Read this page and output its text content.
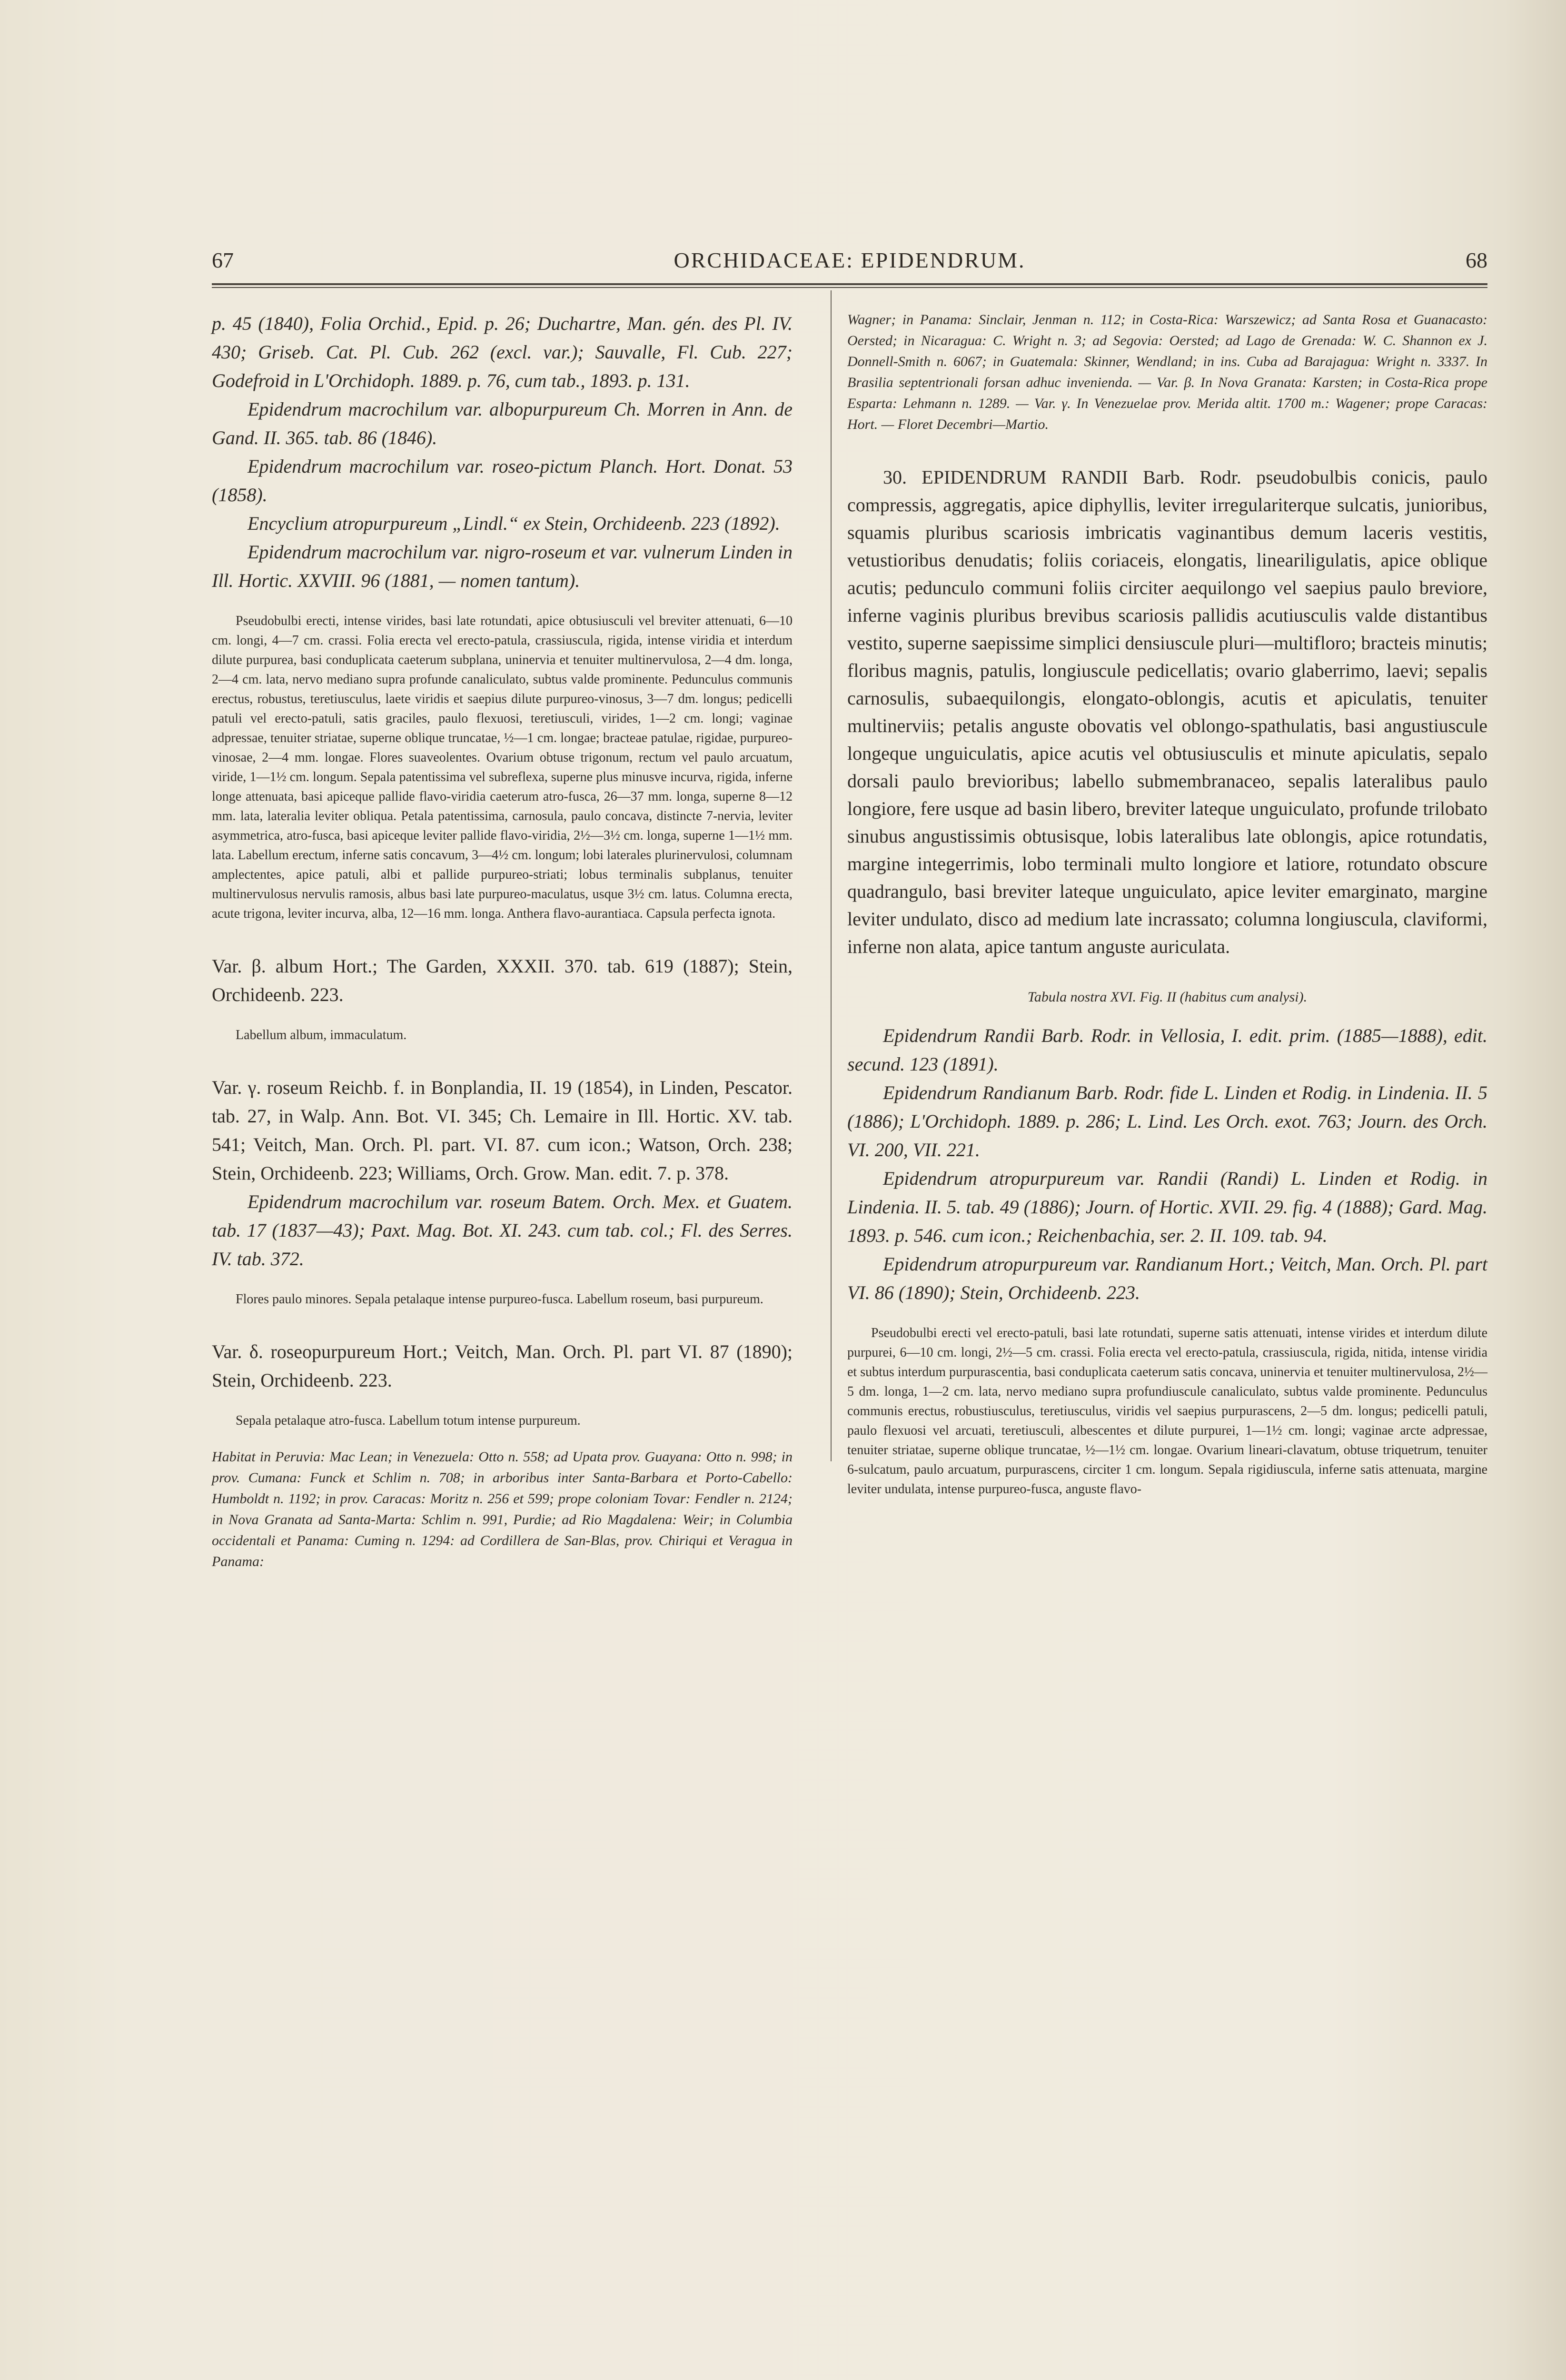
67	ORCHIDACEAE: EPIDENDRUM.	68

p. 45 (1840), Folia Orchid., Epid. p. 26; Duchartre, Man. gén. des Pl. IV. 430; Griseb. Cat. Pl. Cub. 262 (excl. var.); Sauvalle, Fl. Cub. 227; Godefroid in L'Orchidoph. 1889. p. 76, cum tab., 1893. p. 131.

Epidendrum macrochilum var. albopurpureum Ch. Morren in Ann. de Gand. II. 365. tab. 86 (1846).

Epidendrum macrochilum var. roseo-pictum Planch. Hort. Donat. 53 (1858).

Encyclium atropurpureum „Lindl.“ ex Stein, Orchideenb. 223 (1892).

Epidendrum macrochilum var. nigro-roseum et var. vulnerum Linden in Ill. Hortic. XXVIII. 96 (1881, — nomen tantum).

Pseudobulbi erecti, intense virides, basi late rotundati, apice obtusiusculi vel breviter attenuati, 6—10 cm. longi, 4—7 cm. crassi. Folia erecta vel erecto-patula, crassiuscula, rigida, intense viridia et interdum dilute purpurea, basi conduplicata caeterum subplana, uninervia et tenuiter multinervulosa, 2—4 dm. longa, 2—4 cm. lata, nervo mediano supra profunde canaliculato, subtus valde prominente. Pedunculus communis erectus, robustus, teretiusculus, laete viridis et saepius dilute purpureo-vinosus, 3—7 dm. longus; pedicelli patuli vel erecto-patuli, satis graciles, paulo flexuosi, teretiusculi, virides, 1—2 cm. longi; vaginae adpressae, tenuiter striatae, superne oblique truncatae, ½—1 cm. longae; bracteae patulae, rigidae, purpureo-vinosae, 2—4 mm. longae. Flores suaveolentes. Ovarium obtuse trigonum, rectum vel paulo arcuatum, viride, 1—1½ cm. longum. Sepala patentissima vel subreflexa, superne plus minusve incurva, rigida, inferne longe attenuata, basi apiceque pallide flavo-viridia caeterum atro-fusca, 26—37 mm. longa, superne 8—12 mm. lata, lateralia leviter obliqua. Petala patentissima, carnosula, paulo concava, distincte 7-nervia, leviter asymmetrica, atro-fusca, basi apiceque leviter pallide flavo-viridia, 2½—3½ cm. longa, superne 1—1½ mm. lata. Labellum erectum, inferne satis concavum, 3—4½ cm. longum; lobi laterales plurinervulosi, columnam amplectentes, apice patuli, albi et pallide purpureo-striati; lobus terminalis subplanus, tenuiter multinervulosus nervulis ramosis, albus basi late purpureo-maculatus, usque 3½ cm. latus. Columna erecta, acute trigona, leviter incurva, alba, 12—16 mm. longa. Anthera flavo-aurantiaca. Capsula perfecta ignota.

Var. β. album Hort.; The Garden, XXXII. 370. tab. 619 (1887); Stein, Orchideenb. 223.

Labellum album, immaculatum.

Var. γ. roseum Reichb. f. in Bonplandia, II. 19 (1854), in Linden, Pescator. tab. 27, in Walp. Ann. Bot. VI. 345; Ch. Lemaire in Ill. Hortic. XV. tab. 541; Veitch, Man. Orch. Pl. part. VI. 87. cum icon.; Watson, Orch. 238; Stein, Orchideenb. 223; Williams, Orch. Grow. Man. edit. 7. p. 378.

Epidendrum macrochilum var. roseum Batem. Orch. Mex. et Guatem. tab. 17 (1837—43); Paxt. Mag. Bot. XI. 243. cum tab. col.; Fl. des Serres. IV. tab. 372.

Flores paulo minores. Sepala petalaque intense purpureo-fusca. Labellum roseum, basi purpureum.

Var. δ. roseopurpureum Hort.; Veitch, Man. Orch. Pl. part VI. 87 (1890); Stein, Orchideenb. 223.

Sepala petalaque atro-fusca. Labellum totum intense purpureum.

Habitat in Peruvia: Mac Lean; in Venezuela: Otto n. 558; ad Upata prov. Guayana: Otto n. 998; in prov. Cumana: Funck et Schlim n. 708; in arboribus inter Santa-Barbara et Porto-Cabello: Humboldt n. 1192; in prov. Caracas: Moritz n. 256 et 599; prope coloniam Tovar: Fendler n. 2124; in Nova Granata ad Santa-Marta: Schlim n. 991, Purdie; ad Rio Magdalena: Weir; in Columbia occidentali et Panama: Cuming n. 1294: ad Cordillera de San-Blas, prov. Chiriqui et Veragua in Panama:

Wagner; in Panama: Sinclair, Jenman n. 112; in Costa-Rica: Warszewicz; ad Santa Rosa et Guanacasto: Oersted; in Nicaragua: C. Wright n. 3; ad Segovia: Oersted; ad Lago de Grenada: W. C. Shannon ex J. Donnell-Smith n. 6067; in Guatemala: Skinner, Wendland; in ins. Cuba ad Barajagua: Wright n. 3337. In Brasilia septentrionali forsan adhuc invenienda. — Var. β. In Nova Granata: Karsten; in Costa-Rica prope Esparta: Lehmann n. 1289. — Var. γ. In Venezuelae prov. Merida altit. 1700 m.: Wagener; prope Caracas: Hort. — Floret Decembri—Martio.

30. EPIDENDRUM RANDII Barb. Rodr. pseudobulbis conicis, paulo compressis, aggregatis, apice diphyllis, leviter irregulariterque sulcatis, junioribus, squamis pluribus scariosis imbricatis vaginantibus demum laceris vestitis, vetustioribus denudatis; foliis coriaceis, elongatis, lineariligulatis, apice oblique acutis; pedunculo communi foliis circiter aequilongo vel saepius paulo breviore, inferne vaginis pluribus brevibus scariosis pallidis acutiusculis valde distantibus vestito, superne saepissime simplici densiuscule pluri—multifloro; bracteis minutis; floribus magnis, patulis, longiuscule pedicellatis; ovario glaberrimo, laevi; sepalis carnosulis, subaequilongis, elongato-oblongis, acutis et apiculatis, tenuiter multinerviis; petalis anguste obovatis vel oblongo-spathulatis, basi angustiuscule longeque unguiculatis, apice acutis vel obtusiusculis et minute apiculatis, sepalo dorsali paulo brevioribus; labello submembranaceo, sepalis lateralibus paulo longiore, fere usque ad basin libero, breviter lateque unguiculato, profunde trilobato sinubus angustissimis obtusisque, lobis lateralibus late oblongis, apice rotundatis, margine integerrimis, lobo terminali multo longiore et latiore, rotundato obscure quadrangulo, basi breviter lateque unguiculato, apice leviter emarginato, margine leviter undulato, disco ad medium late incrassato; columna longiuscula, claviformi, inferne non alata, apice tantum anguste auriculata.

Tabula nostra XVI. Fig. II (habitus cum analysi).

Epidendrum Randii Barb. Rodr. in Vellosia, I. edit. prim. (1885—1888), edit. secund. 123 (1891).

Epidendrum Randianum Barb. Rodr. fide L. Linden et Rodig. in Lindenia. II. 5 (1886); L'Orchidoph. 1889. p. 286; L. Lind. Les Orch. exot. 763; Journ. des Orch. VI. 200, VII. 221.

Epidendrum atropurpureum var. Randii (Randi) L. Linden et Rodig. in Lindenia. II. 5. tab. 49 (1886); Journ. of Hortic. XVII. 29. fig. 4 (1888); Gard. Mag. 1893. p. 546. cum icon.; Reichenbachia, ser. 2. II. 109. tab. 94.

Epidendrum atropurpureum var. Randianum Hort.; Veitch, Man. Orch. Pl. part VI. 86 (1890); Stein, Orchideenb. 223.

Pseudobulbi erecti vel erecto-patuli, basi late rotundati, superne satis attenuati, intense virides et interdum dilute purpurei, 6—10 cm. longi, 2½—5 cm. crassi. Folia erecta vel erecto-patula, crassiuscula, rigida, nitida, intense viridia et subtus interdum purpurascentia, basi conduplicata caeterum satis concava, uninervia et tenuiter multinervulosa, 2½—5 dm. longa, 1—2 cm. lata, nervo mediano supra profundiuscule canaliculato, subtus valde prominente. Pedunculus communis erectus, robustiusculus, teretiusculus, viridis vel saepius purpurascens, 2—5 dm. longus; pedicelli patuli, paulo flexuosi vel arcuati, teretiusculi, albescentes et dilute purpurei, 1—1½ cm. longi; vaginae arcte adpressae, tenuiter striatae, superne oblique truncatae, ½—1½ cm. longae. Ovarium lineari-clavatum, obtuse triquetrum, tenuiter 6-sulcatum, paulo arcuatum, purpurascens, circiter 1 cm. longum. Sepala rigidiuscula, inferne satis attenuata, margine leviter undulata, intense purpureo-fusca, anguste flavo-
